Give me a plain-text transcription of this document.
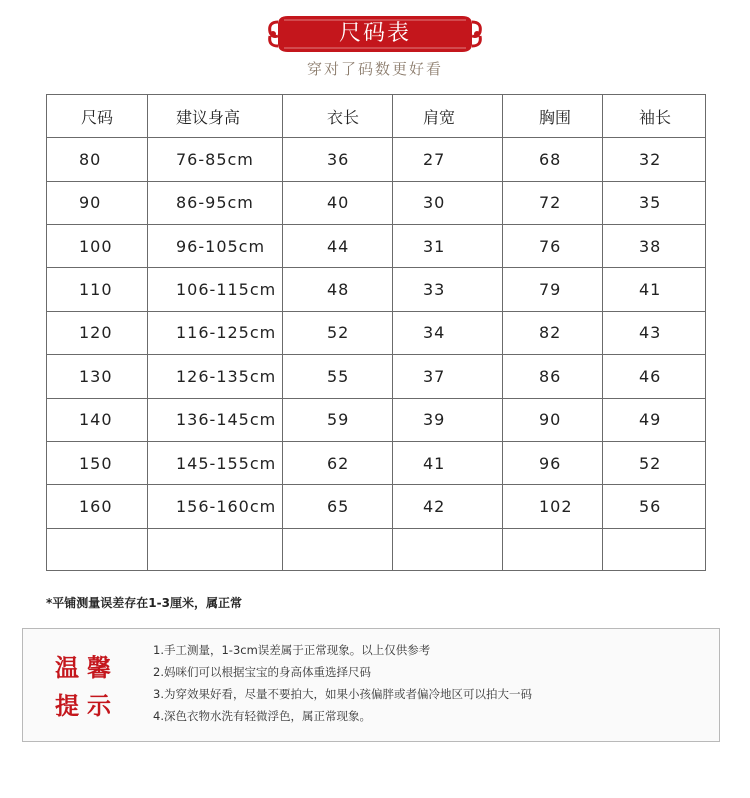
尺码表
穿对了码数更好看
尺码	建议身高	衣长	肩宽	胸围	袖长
80	76-85cm	36	27	68	32
90	86-95cm	40	30	72	35
100	96-105cm	44	31	76	38
110	106-115cm	48	33	79	41
120	116-125cm	52	34	82	43
130	126-135cm	55	37	86	46
140	136-145cm	59	39	90	49
150	145-155cm	62	41	96	52
160	156-160cm	65	42	102	56

*平铺测量误差存在1-3厘米，属正常
温馨
提示
1.手工测量，1-3cm误差属于正常现象。以上仅供参考
2.妈咪们可以根据宝宝的身高体重选择尺码
3.为穿效果好看，尽量不要拍大，如果小孩偏胖或者偏冷地区可以拍大一码
4.深色衣物水洗有轻微浮色，属正常现象。
